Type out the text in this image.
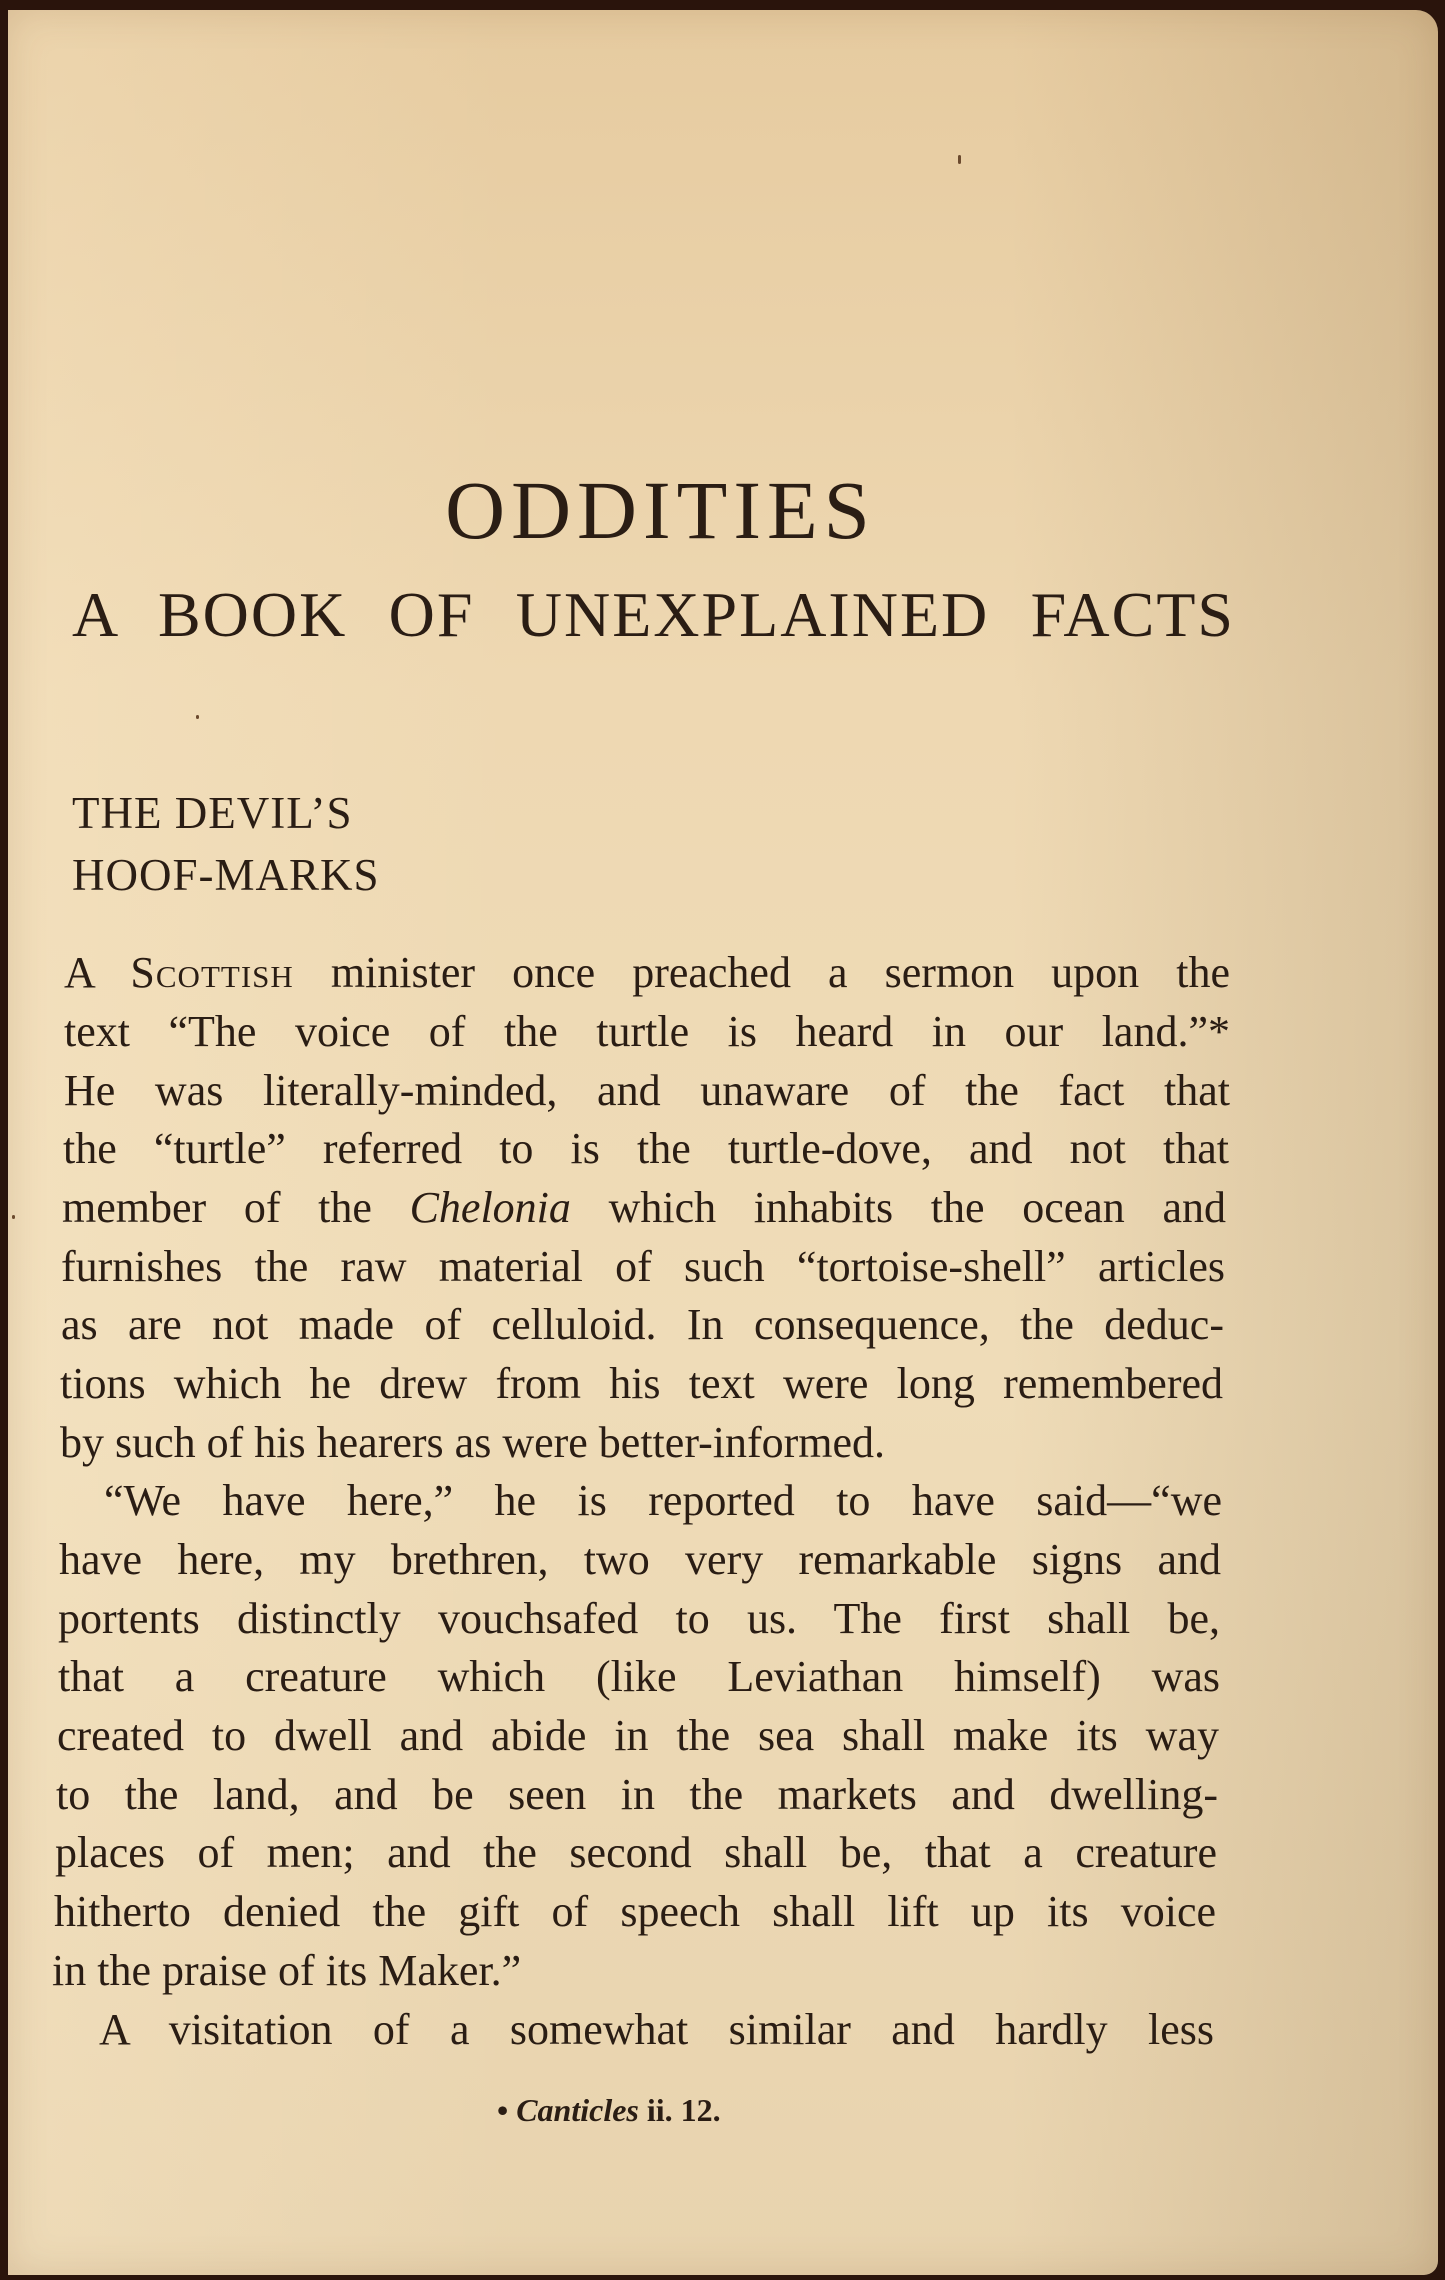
ODDITIES
A BOOK OF UNEXPLAINED FACTS
THE DEVIL’S
HOOF-MARKS
A Scottish minister once preached a sermon upon the
text “The voice of the turtle is heard in our land.”*
He was literally-minded, and unaware of the fact that
the “turtle” referred to is the turtle-dove, and not that
member of the Chelonia which inhabits the ocean and
furnishes the raw material of such “tortoise-shell” articles
as are not made of celluloid. In consequence, the deduc-
tions which he drew from his text were long remembered
by such of his hearers as were better-informed.
“We have here,” he is reported to have said—“we
have here, my brethren, two very remarkable signs and
portents distinctly vouchsafed to us. The first shall be,
that a creature which (like Leviathan himself) was
created to dwell and abide in the sea shall make its way
to the land, and be seen in the markets and dwelling-
places of men; and the second shall be, that a creature
hitherto denied the gift of speech shall lift up its voice
in the praise of its Maker.”
A visitation of a somewhat similar and hardly less
• Canticles ii. 12.
